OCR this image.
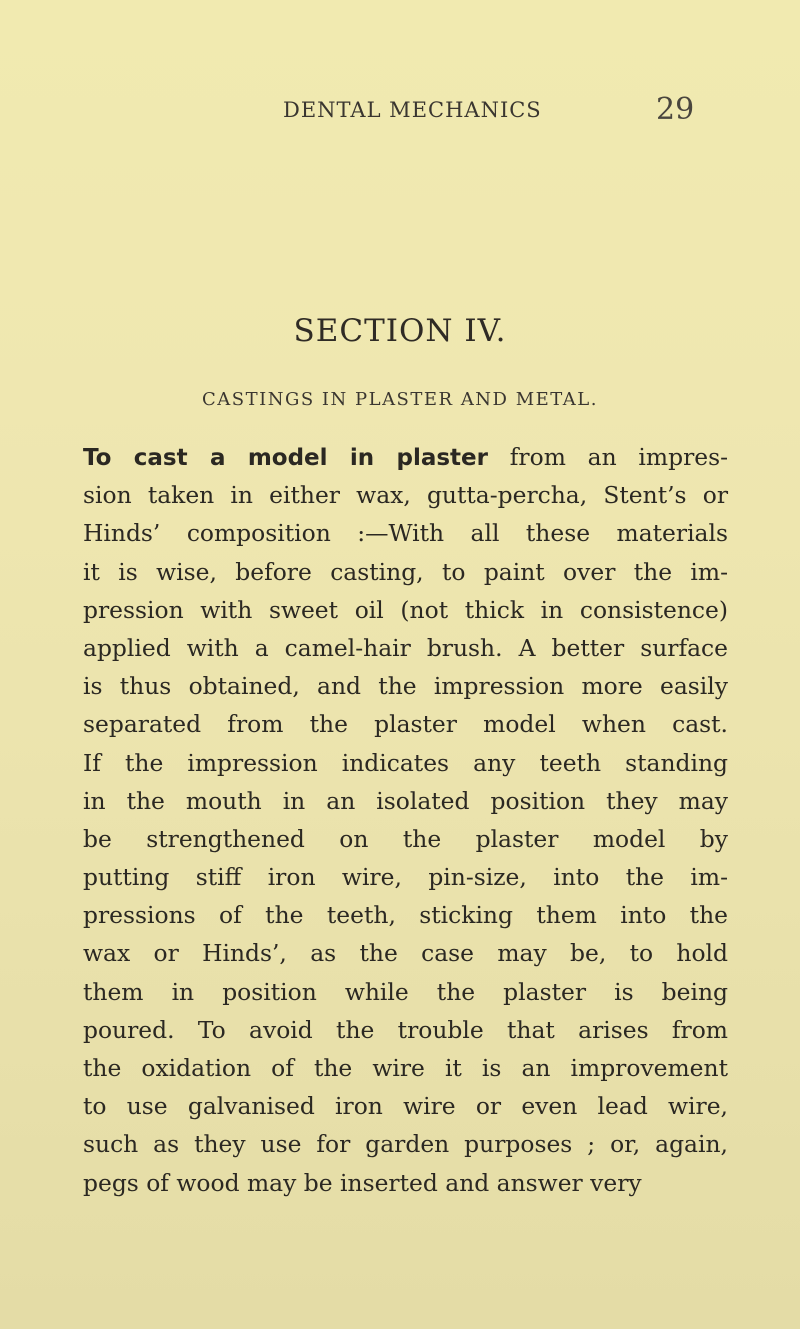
DENTAL MECHANICS	29
SECTION IV.
CASTINGS IN PLASTER AND METAL.
To cast a model in plaster from an impres-
sion taken in either wax, gutta-percha, Stent’s or
Hinds’ composition :—With all these materials
it is wise, before casting, to paint over the im-
pression with sweet oil (not thick in consistence)
applied with a camel-hair brush. A better surface
is thus obtained, and the impression more easily
separated from the plaster model when cast.
If the impression indicates any teeth standing
in the mouth in an isolated position they may
be strengthened on the plaster model by
putting stiff iron wire, pin-size, into the im-
pressions of the teeth, sticking them into the
wax or Hinds’, as the case may be, to hold
them in position while the plaster is being
poured. To avoid the trouble that arises from
the oxidation of the wire it is an improvement
to use galvanised iron wire or even lead wire,
such as they use for garden purposes ; or, again,
pegs of wood may be inserted and answer very
